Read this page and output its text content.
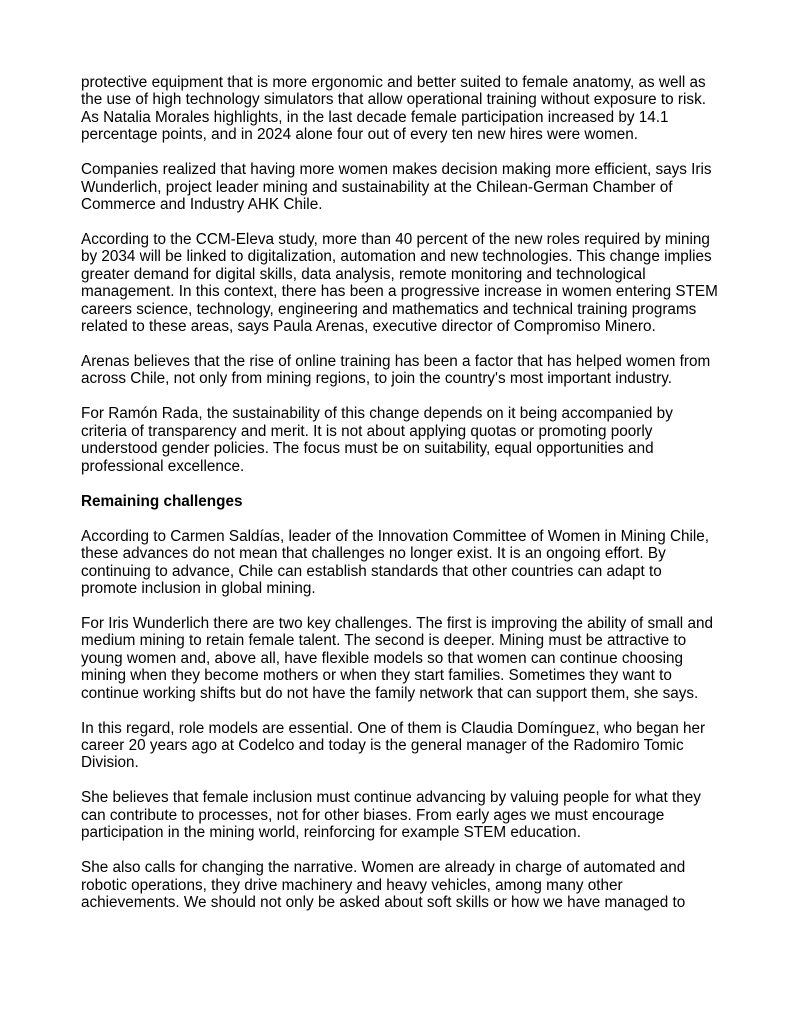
protective equipment that is more ergonomic and better suited to female anatomy, as well as the use of high technology simulators that allow operational training without exposure to risk. As Natalia Morales highlights, in the last decade female participation increased by 14.1 percentage points, and in 2024 alone four out of every ten new hires were women.

Companies realized that having more women makes decision making more efficient, says Iris Wunderlich, project leader mining and sustainability at the Chilean-German Chamber of Commerce and Industry AHK Chile.

According to the CCM-Eleva study, more than 40 percent of the new roles required by mining by 2034 will be linked to digitalization, automation and new technologies. This change implies greater demand for digital skills, data analysis, remote monitoring and technological management. In this context, there has been a progressive increase in women entering STEM careers science, technology, engineering and mathematics and technical training programs related to these areas, says Paula Arenas, executive director of Compromiso Minero.

Arenas believes that the rise of online training has been a factor that has helped women from across Chile, not only from mining regions, to join the country's most important industry.

For Ramón Rada, the sustainability of this change depends on it being accompanied by criteria of transparency and merit. It is not about applying quotas or promoting poorly understood gender policies. The focus must be on suitability, equal opportunities and professional excellence.

Remaining challenges

According to Carmen Saldías, leader of the Innovation Committee of Women in Mining Chile, these advances do not mean that challenges no longer exist. It is an ongoing effort. By continuing to advance, Chile can establish standards that other countries can adapt to promote inclusion in global mining.

For Iris Wunderlich there are two key challenges. The first is improving the ability of small and medium mining to retain female talent. The second is deeper. Mining must be attractive to young women and, above all, have flexible models so that women can continue choosing mining when they become mothers or when they start families. Sometimes they want to continue working shifts but do not have the family network that can support them, she says.

In this regard, role models are essential. One of them is Claudia Domínguez, who began her career 20 years ago at Codelco and today is the general manager of the Radomiro Tomic Division.

She believes that female inclusion must continue advancing by valuing people for what they can contribute to processes, not for other biases. From early ages we must encourage participation in the mining world, reinforcing for example STEM education.

She also calls for changing the narrative. Women are already in charge of automated and robotic operations, they drive machinery and heavy vehicles, among many other achievements. We should not only be asked about soft skills or how we have managed to
